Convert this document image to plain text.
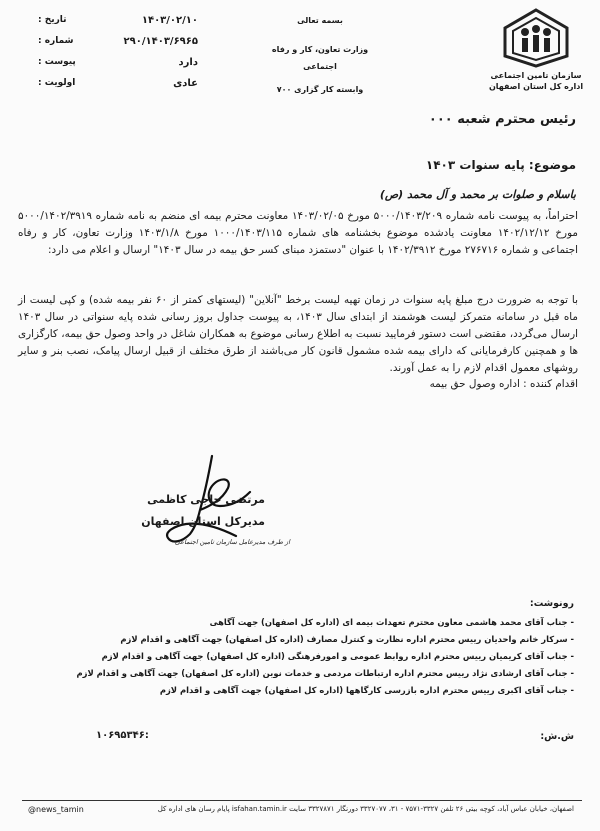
تاریخ :	۱۴۰۳/۰۲/۱۰
شماره :	۲۹۰/۱۴۰۳/۶۹۶۵
پیوست :	دارد
اولویت :	عادی
بسمه تعالی
وزارت تعاون، کار و رفاه اجتماعی
وابسته کار گزاری ۷۰۰
سازمان تامین اجتماعی
اداره کل استان اصفهان
رئیس محترم شعبه ۰۰۰
موضوع: پایه سنوات ۱۴۰۳
باسلام و صلوات بر محمد و آل محمد (ص)

احتراماً، به پیوست نامه شماره ۵۰۰۰/۱۴۰۳/۲۰۹ مورخ ۱۴۰۳/۰۲/۰۵ معاونت محترم بیمه ای منضم به نامه شماره ۵۰۰۰/۱۴۰۲/۳۹۱۹ مورخ ۱۴۰۲/۱۲/۱۲ معاونت یادشده موضوع بخشنامه های شماره ۱۰۰۰/۱۴۰۳/۱۱۵ مورخ ۱۴۰۳/۱/۸ وزارت تعاون، کار و رفاه اجتماعی و شماره ۲۷۶۷۱۶ مورخ ۱۴۰۲/۳۹۱۲ با عنوان "دستمزد مبنای کسر حق بیمه در سال ۱۴۰۳" ارسال و اعلام می دارد:

با توجه به ضرورت درج مبلغ پایه سنوات در زمان تهیه لیست برخط "آنلاین" (لیستهای کمتر از ۶۰ نفر بیمه شده) و کپی لیست از ماه قبل در سامانه متمرکز لیست هوشمند از ابتدای سال ۱۴۰۳، به پیوست جداول بروز رسانی شده پایه سنواتی در سال ۱۴۰۳ ارسال می‌گردد، مقتضی است دستور فرمایید نسبت به اطلاع رسانی موضوع به همکاران شاغل در واحد وصول حق بیمه، کارگزاری ها و همچنین کارفرمایانی که دارای بیمه شده مشمول قانون کار می‌باشند از طرق مختلف از قبیل ارسال پیامک، نصب بنر و سایر روشهای معمول اقدام لازم را به عمل آورند.

اقدام کننده : اداره وصول حق بیمه

مرتضی حاجی کاظمی
مدیرکل استان اصفهان
از طرف مدیرعامل سازمان تامین اجتماعی
رونوشت:
- جناب آقای محمد هاشمی معاون محترم تعهدات بیمه ای (اداره کل اصفهان) جهت آگاهی
- سرکار خانم واحدیان رییس محترم اداره نظارت و کنترل مصارف (اداره کل اصفهان) جهت آگاهی و اقدام لازم
- جناب آقای کریمیان رییس محترم اداره روابط عمومی و امورفرهنگی (اداره کل اصفهان) جهت آگاهی و اقدام لازم
- جناب آقای ارشادی نژاد رییس محترم اداره ارتباطات مردمی و خدمات نوین (اداره کل اصفهان) جهت آگاهی و اقدام لازم
- جناب آقای اکبری رییس محترم اداره بازرسی کارگاهها (اداره کل اصفهان) جهت آگاهی و اقدام لازم
ش.ش:
۱۰۶۹۵۳۴۶:
اصفهان، خیابان عباس آباد، کوچه بیتی ۲۶ تلفن ۳۳۲۷-۷۵۷۱ - ۳۱، ۳۳۲۷۰۷۷ دورنگار ۳۳۲۷۸۷۱ سایت isfahan.tamin.ir پایام رسان های اداره کل
@news_tamin
